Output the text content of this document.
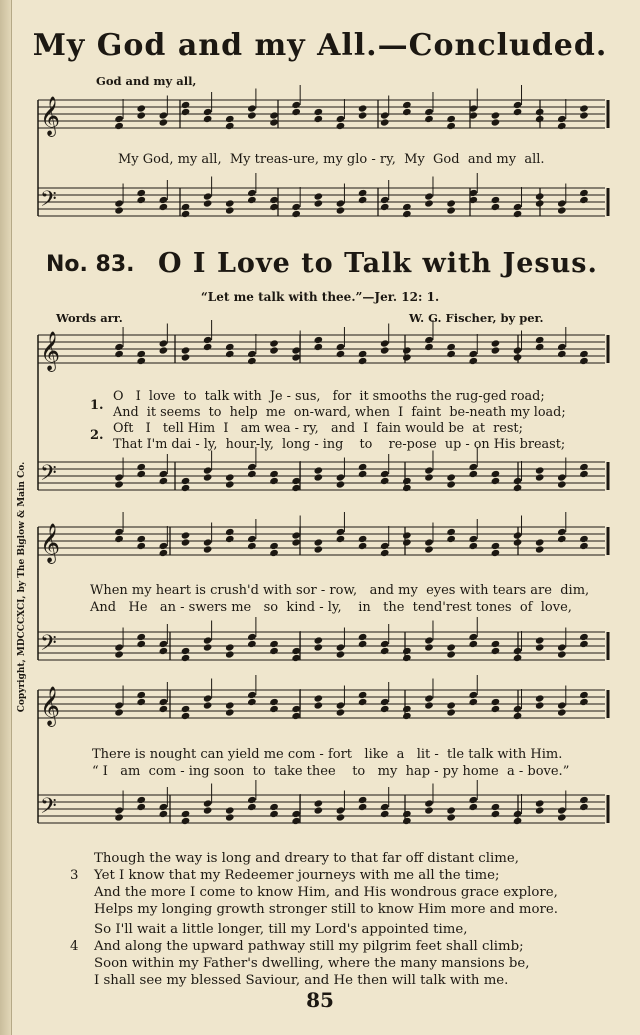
My God and my All.—Concluded.
God and my all,
My God, my all,  My treas-ure, my glo - ry,  My  God  and my  all.
No. 83. O I Love to Talk with Jesus.
“Let me talk with thee.”—Jer. 12: 1.
Words arr.	W. G. Fischer, by per.
1.
2.
O   I  love  to  talk with  Je - sus,   for  it smooths the rug-ged road;
And  it seems  to  help  me  on-ward, when  I  faint  be-neath my load;
Oft   I   tell Him  I   am wea - ry,   and  I  fain would be  at  rest;
That I'm dai - ly,  hour-ly,  long - ing    to    re-pose  up - on His breast;
When my heart is crush'd with sor - row,   and my  eyes with tears are  dim,
And   He   an - swers me   so  kind - ly,    in   the  tend'rest tones  of  love,
There is nought can yield me com - fort   like  a   lit -  tle talk with Him.
“ I   am  com - ing soon  to  take thee    to   my  hap - py home  a - bove.”
Copyright, MDCCCXCI, by The Biglow & Main Co.

3

Though the way is long and dreary to that far off distant clime,

Yet I know that my Redeemer journeys with me all the time;

And the more I come to know Him, and His wondrous grace explore,

Helps my longing growth stronger still to know Him more and more.

4

So I'll wait a little longer, till my Lord's appointed time,

And along the upward pathway still my pilgrim feet shall climb;

Soon within my Father's dwelling, where the many mansions be,

I shall see my blessed Saviour, and He then will talk with me.

85
𝄞
𝄢
𝄞
𝄢
𝄞
𝄢
𝄞
𝄢
